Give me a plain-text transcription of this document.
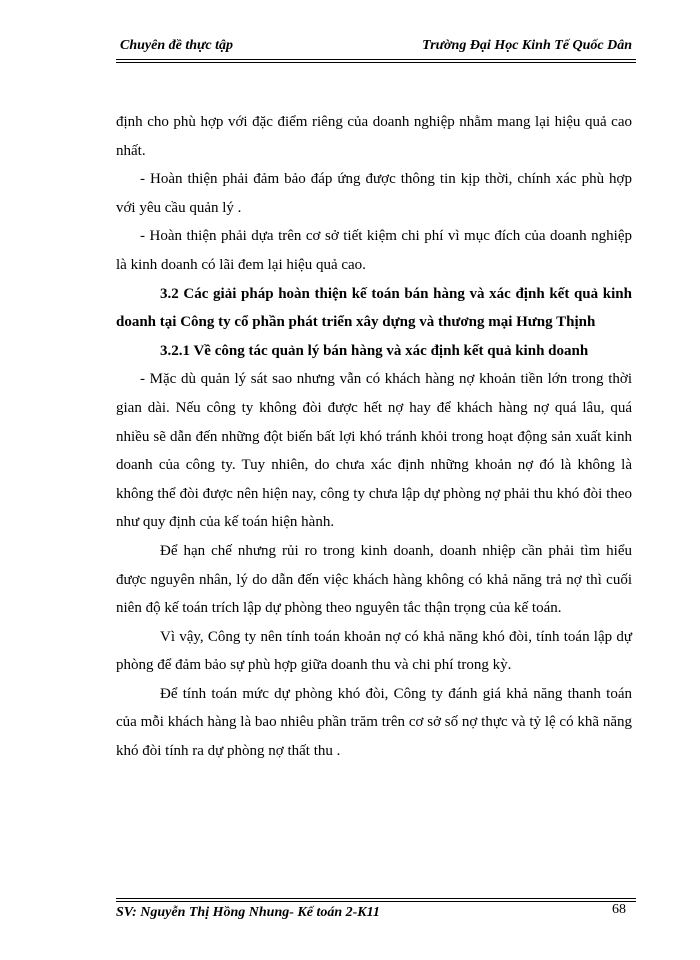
Chuyên đề thực tập	Trường Đại Học Kinh Tế Quốc Dân

định cho phù hợp với đặc điểm riêng của doanh nghiệp nhằm mang lại hiệu quả cao nhất.

- Hoàn thiện phải đảm bảo đáp ứng được thông tin kịp thời, chính xác phù hợp với yêu cầu quản lý .

- Hoàn thiện phải dựa trên cơ sở tiết kiệm chi phí vì mục đích của doanh nghiệp là kinh doanh có lãi đem lại hiệu quả cao.

3.2 Các giải pháp hoàn thiện kế toán bán hàng và xác định kết quả kinh doanh tại Công ty cổ phần phát triển xây dựng và thương mại Hưng Thịnh

3.2.1 Về công tác quản lý bán hàng và xác định kết quả kinh doanh

- Mặc dù quản lý sát sao nhưng vẫn có khách hàng nợ khoản tiền lớn trong thời gian dài. Nếu công ty không đòi được hết nợ hay để khách hàng nợ quá lâu, quá nhiều sẽ dẫn đến những đột biến bất lợi khó tránh khỏi trong hoạt động sản xuất kinh doanh của công ty. Tuy nhiên, do chưa xác định những khoản nợ đó là không là không thể đòi được nên hiện nay, công ty chưa lập dự phòng nợ phải thu khó đòi theo như quy định của kế toán hiện hành.

Để hạn chế nhưng rủi ro trong kinh doanh, doanh nhiệp cần phải tìm hiểu được nguyên nhân, lý do dẫn đến việc khách hàng không có khả năng trả nợ thì cuối niên độ kế toán trích lập dự phòng theo nguyên tắc thận trọng của kế toán.

Vì vậy, Công ty nên tính toán khoản nợ có khả năng khó đòi, tính toán lập dự phòng để đảm bảo sự phù hợp giữa doanh thu và chi phí trong kỳ.

Để tính toán mức dự phòng khó đòi, Công ty đánh giá khả năng thanh toán của mỗi khách hàng là bao nhiêu phần trăm trên cơ sở số nợ thực và tỷ lệ có khã năng khó đòi tính ra dự phòng nợ thất thu .

SV: Nguyễn Thị Hồng Nhung- Kế toán 2-K11	68
